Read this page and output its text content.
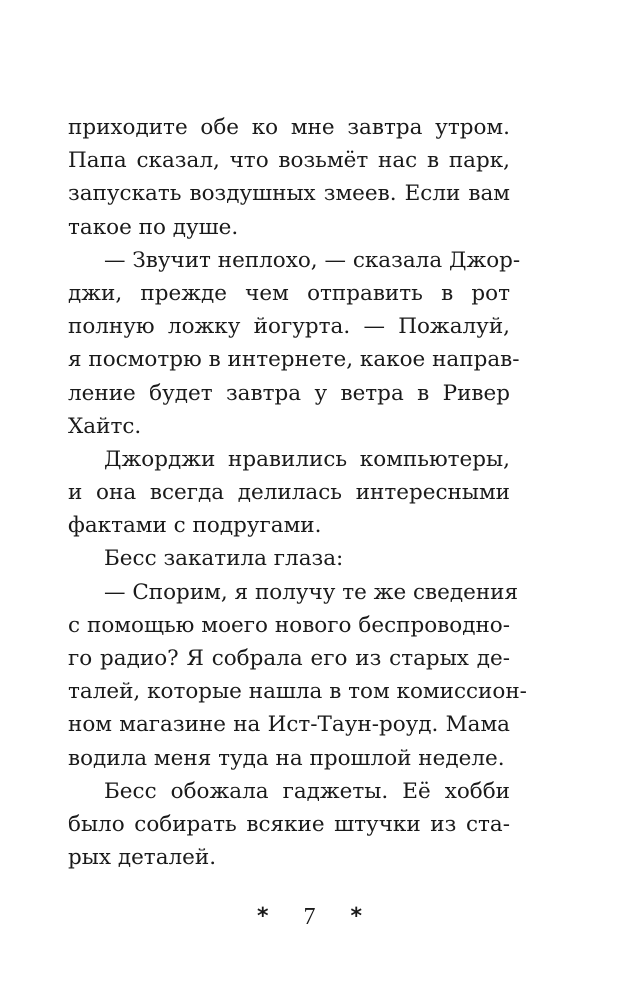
приходите обе ко мне завтра утром.
Папа сказал, что возьмёт нас в парк,
запускать воздушных змеев. Если вам
такое по душе.
— Звучит неплохо, — сказала Джор-
джи, прежде чем отправить в рот
полную ложку йогурта. — Пожалуй,
я посмотрю в интернете, какое направ-
ление будет завтра у ветра в Ривер
Хайтс.
Джорджи нравились компьютеры,
и она всегда делилась интересными
фактами с подругами.
Бесс закатила глаза:
— Спорим, я получу те же сведения
с помощью моего нового беспроводно-
го радио? Я собрала его из старых де-
талей, которые нашла в том комиссион-
ном магазине на Ист-Таун-роуд. Мама
водила меня туда на прошлой неделе.
Бесс обожала гаджеты. Её хобби
было собирать всякие штучки из ста-
рых деталей.
* 7 *
